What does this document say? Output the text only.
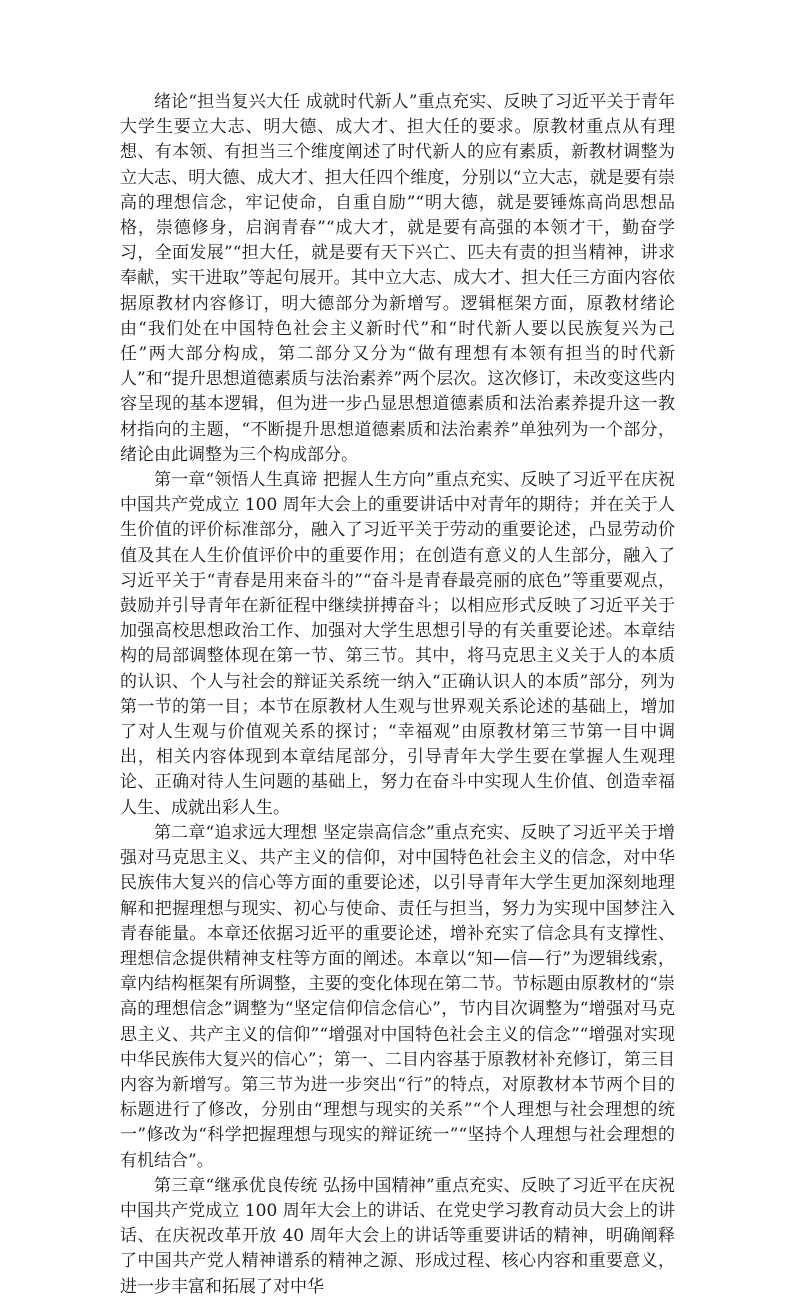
绪论“担当复兴大任 成就时代新人”重点充实、反映了习近平关于青年大学生要立大志、明大德、成大才、担大任的要求。原教材重点从有理想、有本领、有担当三个维度阐述了时代新人的应有素质，新教材调整为立大志、明大德、成大才、担大任四个维度，分别以“立大志，就是要有崇高的理想信念，牢记使命，自重自励”“明大德，就是要锤炼高尚思想品格，崇德修身，启润青春”“成大才，就是要有高强的本领才干，勤奋学习，全面发展”“担大任，就是要有天下兴亡、匹夫有责的担当精神，讲求奉献，实干进取”等起句展开。其中立大志、成大才、担大任三方面内容依据原教材内容修订，明大德部分为新增写。逻辑框架方面，原教材绪论由“我们处在中国特色社会主义新时代”和“时代新人要以民族复兴为己任”两大部分构成，第二部分又分为“做有理想有本领有担当的时代新人”和“提升思想道德素质与法治素养”两个层次。这次修订，未改变这些内容呈现的基本逻辑，但为进一步凸显思想道德素质和法治素养提升这一教材指向的主题，“不断提升思想道德素质和法治素养”单独列为一个部分，绪论由此调整为三个构成部分。

第一章“领悟人生真谛 把握人生方向”重点充实、反映了习近平在庆祝中国共产党成立 100 周年大会上的重要讲话中对青年的期待；并在关于人生价值的评价标准部分，融入了习近平关于劳动的重要论述，凸显劳动价值及其在人生价值评价中的重要作用；在创造有意义的人生部分，融入了习近平关于“青春是用来奋斗的”“奋斗是青春最亮丽的底色”等重要观点，鼓励并引导青年在新征程中继续拼搏奋斗；以相应形式反映了习近平关于加强高校思想政治工作、加强对大学生思想引导的有关重要论述。本章结构的局部调整体现在第一节、第三节。其中，将马克思主义关于人的本质的认识、个人与社会的辩证关系统一纳入“正确认识人的本质”部分，列为第一节的第一目；本节在原教材人生观与世界观关系论述的基础上，增加了对人生观与价值观关系的探讨；“幸福观”由原教材第三节第一目中调出，相关内容体现到本章结尾部分，引导青年大学生要在掌握人生观理论、正确对待人生问题的基础上，努力在奋斗中实现人生价值、创造幸福人生、成就出彩人生。

第二章“追求远大理想 坚定崇高信念”重点充实、反映了习近平关于增强对马克思主义、共产主义的信仰，对中国特色社会主义的信念，对中华民族伟大复兴的信心等方面的重要论述，以引导青年大学生更加深刻地理解和把握理想与现实、初心与使命、责任与担当，努力为实现中国梦注入青春能量。本章还依据习近平的重要论述，增补充实了信念具有支撑性、理想信念提供精神支柱等方面的阐述。本章以“知—信—行”为逻辑线索，章内结构框架有所调整，主要的变化体现在第二节。节标题由原教材的“崇高的理想信念”调整为“坚定信仰信念信心”，节内目次调整为“增强对马克思主义、共产主义的信仰”“增强对中国特色社会主义的信念”“增强对实现中华民族伟大复兴的信心”；第一、二目内容基于原教材补充修订，第三目内容为新增写。第三节为进一步突出“行”的特点，对原教材本节两个目的标题进行了修改，分别由“理想与现实的关系”“个人理想与社会理想的统一”修改为“科学把握理想与现实的辩证统一”“坚持个人理想与社会理想的有机结合”。

第三章“继承优良传统 弘扬中国精神”重点充实、反映了习近平在庆祝中国共产党成立 100 周年大会上的讲话、在党史学习教育动员大会上的讲话、在庆祝改革开放 40 周年大会上的讲话等重要讲话的精神，明确阐释了中国共产党人精神谱系的精神之源、形成过程、核心内容和重要意义，进一步丰富和拓展了对中华
